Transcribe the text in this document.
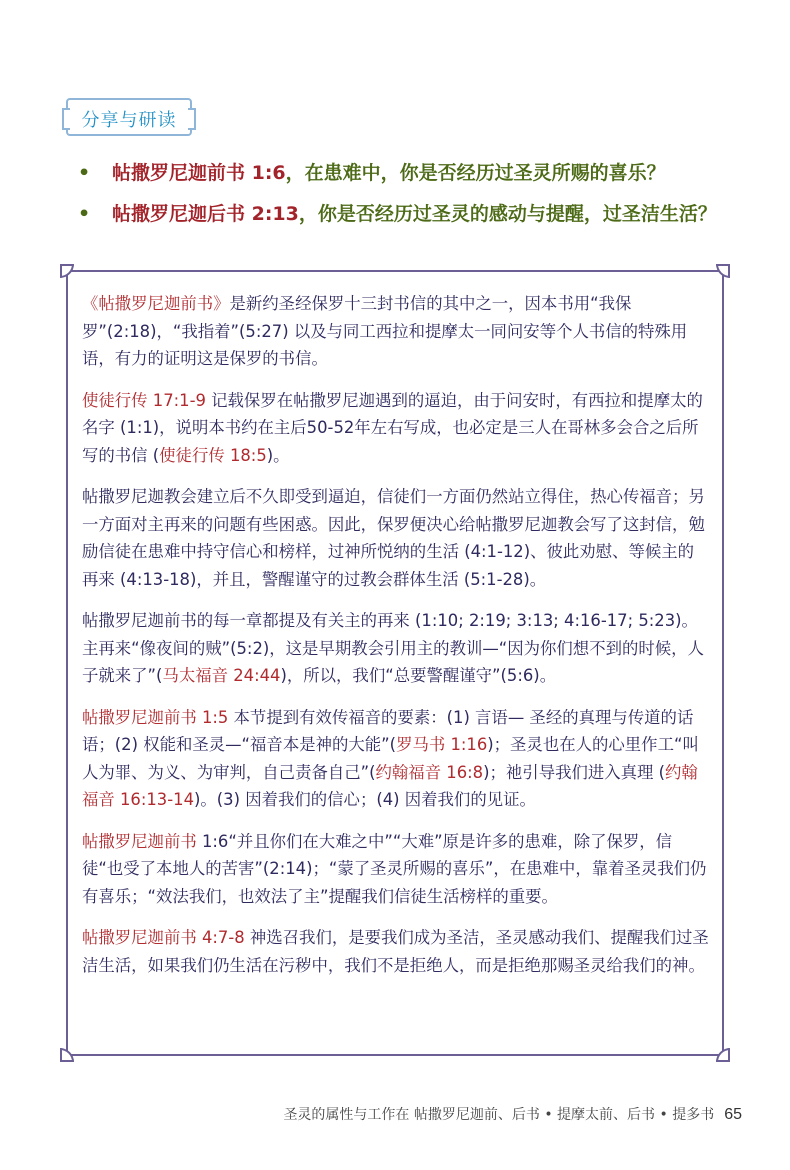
分享与研读
• 帖撒罗尼迦前书 1:6，在患难中，你是否经历过圣灵所赐的喜乐？
• 帖撒罗尼迦后书 2:13，你是否经历过圣灵的感动与提醒，过圣洁生活？

《帖撒罗尼迦前书》是新约圣经保罗十三封书信的其中之一，因本书用“我保罗”(2:18)，“我指着”(5:27) 以及与同工西拉和提摩太一同问安等个人书信的特殊用语，有力的证明这是保罗的书信。

使徒行传 17:1-9 记载保罗在帖撒罗尼迦遇到的逼迫，由于问安时，有西拉和提摩太的名字 (1:1)，说明本书约在主后50-52年左右写成，也必定是三人在哥林多会合之后所写的书信 (使徒行传 18:5)。

帖撒罗尼迦教会建立后不久即受到逼迫，信徒们一方面仍然站立得住，热心传福音；另一方面对主再来的问题有些困惑。因此，保罗便决心给帖撒罗尼迦教会写了这封信，勉励信徒在患难中持守信心和榜样，过神所悦纳的生活 (4:1-12)、彼此劝慰、等候主的再来 (4:13-18)，并且，警醒谨守的过教会群体生活 (5:1-28)。

帖撒罗尼迦前书的每一章都提及有关主的再来 (1:10; 2:19; 3:13; 4:16-17; 5:23)。主再来“像夜间的贼”(5:2)，这是早期教会引用主的教训—“因为你们想不到的时候，人子就来了”(马太福音 24:44)，所以，我们“总要警醒谨守”(5:6)。

帖撒罗尼迦前书 1:5 本节提到有效传福音的要素：(1) 言语— 圣经的真理与传道的话语；(2) 权能和圣灵—“福音本是神的大能”(罗马书 1:16)；圣灵也在人的心里作工“叫人为罪、为义、为审判，自己责备自己”(约翰福音 16:8)；祂引导我们进入真理 (约翰福音 16:13-14)。(3) 因着我们的信心；(4) 因着我们的见证。

帖撒罗尼迦前书 1:6“并且你们在大难之中”“大难”原是许多的患难，除了保罗，信徒“也受了本地人的苦害”(2:14)；“蒙了圣灵所赐的喜乐”，在患难中，靠着圣灵我们仍有喜乐；“效法我们，也效法了主”提醒我们信徒生活榜样的重要。

帖撒罗尼迦前书 4:7-8 神选召我们，是要我们成为圣洁，圣灵感动我们、提醒我们过圣洁生活，如果我们仍生活在污秽中，我们不是拒绝人，而是拒绝那赐圣灵给我们的神。

圣灵的属性与工作在 帖撒罗尼迦前、后书 • 提摩太前、后书 • 提多书 65
